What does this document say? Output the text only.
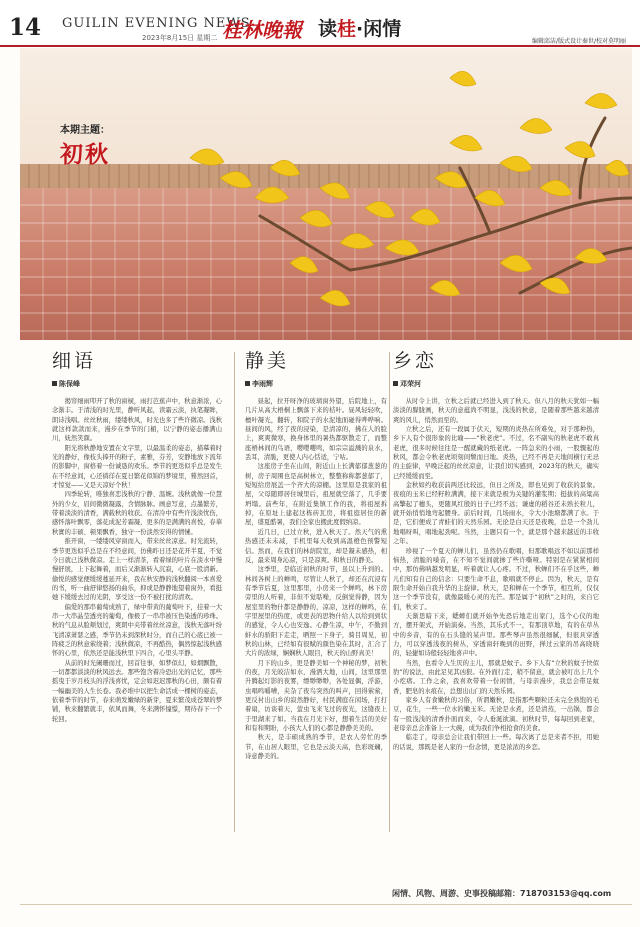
14 GUILIN EVENING NEWS
2023年8月15日 星期二 桂林晚報 读桂·闲情
编辑邱洁/版式设计秦世/校对莫明丽
本期主题：
初秋
细语
陈保峰

揭帘细雨叩开了秋的窗棂，雨打芭蕉声中，秋意渐浓，心念渐丰。于清浅的时光里，静听风起，读霜云淡，执笔凝眸，朗诗浅唱。丝丝秋雨，缕缕秋风，时光也多了些许微凉。浅秋就这样款款而来，漫步在季节的门楣，以宁静的姿态播满山川，妩然笑颜。

阳光将秋静地安置在文字里，以最温柔的姿态，描摹着时光的静好，像枝头捧开的粉子，素雅，芬芳，安静地放下流年的影脚中，窗格着一份诚恳的欢乐。季节的更迭似乎总是发生在不经意间，心还徜徉在夏日繁花似锦的梦境里，蓦然回首，才惊觉——又是天凉好个秋！

四季轮转，唯独喜恋浅秋的宁静、温婉。浅秋就像一位慧外的少女，眉间微微凝露，含情脉脉。画意写意，点墨繁芳，带着淡淡的清香，满载秋的收获。在清冷中有些许浅淡忧伤，感怀落叶飘零，落花成泥芳霜凝，更多的是满满的喜悦，春華秋實的丰硕、顿果飘香，独守一份淡然安得的情愫。

推开窗，一缕缕风穿窗而入，带来丝丝凉意。时光流转，季节更迭似乎总是在不经意间，仿佛昨日还是花开半夏，不觉今日就已浅秋微凉。走上一样清茶，看着绿的叶片在淡水中慢慢舒展，上下起舞着，而后又渐渐转入沉寂，心底一股清新。偷悦的感觉便缓缓蔓延开来，我在秋安静的浅秋翻阅一本喜爱的书，听一曲舒律悠扬的曲乐，抑或是静静地望着窗外，看挺她下缓缓去过的光阴，享受这一份不被打扰的清欢。

偏爱的那串葡萄成熟了，绿中带黄的葡萄叶下，挂着一大串一大串晶莹透亮的葡萄，像极了一串串被压色染透的珍珠。秋的气息从脸颊划过，爽朗中夹带着丝丝凉意，浅秋无落叶纷飞清凉萧瑟之感，季节仍未到深秋时分，而自己的心底已被一阵疲乏的秋意萦绕着；浅秋微凉，不再酷热，偶然惊起浅秋感怀的心里，依然还是能浅秋里下四合，心里头平静。

从前的时光阑珊而过，回首往事，如梦似幻，如烟飘散，一切都都淡淡的秋风远去。那些饱含着冷恐出光的记忆，那些摇曳于岁月枝头的浮浅喜忧，定会如迟迟那秋的心田，颇有着一幅幽美的人生长卷。我必堆中以把生命活成一棵树的姿态，依着季节的时节，春来萌发嫩绿的新芽，夏来繁茂成苍翠的梦铺，秋来翻繁就丰，依风而舞，冬来满怀憧憬，期待春下一个轮回。

静美
李雨辉

昼起，拉开呀净的玻璃窗外望，后院地上，有几片从高大梧桐上飘落下来的桔叶。昼风轻轻吹，檀叶凝光，翻转，和院子的水泥地面碰得哗哗响。昼间的风，经了夜的浸染，是清凉的，拂在人的脸上，爽爽微寒，换身体里的暑热都驱散走了，而整座梧林间的鸟语，嘤嘤嚶鸣，如宗宗溢溅的泉水，丢耳，清脆，更使人内心恬适，宁咕。

这座房子坐在山间，附近山上长满郁郁葱葱的树，房子周围也是高树林立，整整称称都葱郁了，短短给房展盖一个齐大的凉棚。这里原是我家的祖屋，父母随即居住城里后，祖屋就空落了，几乎要坍塌。前些年，在附近集镇工作的我，将祖屋拆掉，在原址上建起这栋砖瓦房，将祖庭居住的新屋，盛夏酷暑，我们全家也搬此度假纳凉。

近几日，已过立秋，进入秋天了。然天气的熏热感还未未减，手机里每天收到高温橙色预警短信。然而，在我们的林荫院室，却是凝未感热，相反，最来周身沁凉，只是凉爽。和秋日的静美。

这季里，是临近初秋的时节，虽以上升到的。林间各树上的蝉鸣，尽管让人秋了，却还在沉浸有有季节后夏，这里那里，小房来一个蝉鸣，林下房旁里的人听着，非但不觉聒噪，反倒觉得静，因为屋室里的物什都是静静的，凉凉，这样的蝉鸣，在字里屋里的热度，或更表的思物什给人以给到到状的感觉，令人心也安逸。心静生凉，中午，不勤到蚌水的骄阳下走走，晒照一下身子，骑目周见，初秋的山林，已经如有很赋的颜色染在其时，汇合了大片的浓绿，娴娴秋人眼目，秋天的山野真美！

月下的山乡，更是静美如一个神秘的梦，初秋的夜，月光皎洁如水，漫洒大地，山间，这里那里升腾起灯影的夜雾，缥缈缈缈，各处显偶，浮游，虫唱鸣嚼嘈，夹杂了夜鸟突然的叫声，回得萦萦，更反衬出山乡的寂然静好，村民满庭在闲场，打打着扇，访谈着天，萤虫飞来飞过的夜光，这缝夜上于里湖来了如。当我在月光下好，想着生活的美好和有和期盼，小孩大人们的心都是静静美美的。

秋天，是丰硕成熟的季节，是农人劳忙的季节，在山居人眼里，它也是云淡天高，色彩斑斓，诗意静美的。

乡恋
邓荣河

从时令上讲，立秋之后就已经进入到了秋天。但八月的秋天犹如一幅淡淡的朦胧画，秋天的意蕴尚不明显，浅浅的秋意，是随着那些越来越清爽的风儿，悄然而至的。

立秋之后，还有一段属于伏天，短期的炎热在所难免，对于那种热，乡下人有个很形象的比喻——“秋老虎”。不过，名不副实的秋老虎不敢真老虎，很多时候往往是一醒就藏的纸老虎。一阵急来的小雨，一股骤起的秋风，都会令秋老虎顷刻间颓而日地。炎热，已经不再是天地间横行无忌的主旋律，早晚泛起的丝丝凉意，让我们切实感到，2023年的秋天，确实已经缓缓而至。

金秋如约收获前两还比较远，但日之所及，即也见到了收获的景象。夜痕的玉米已经籽粒满满，接下来就是极为关键的灌浆期；挺拔的高粱高高擎起了穗头，更随风红殷的日子已经不远；谦虚的稻谷还未熟长粒儿，就开始悄悄地弯起腰身。前后时间，几场雨水，令大小池塘都满了水。于是，它们便成了青蛙们的天然乐园。无论是白天还是夜晚，总是一个劲儿地唱呀叫，唱地起劲呢。当然，主题只有一个，就是那个越来越近的丰收之年。

珍视了一个夏天的蝉儿们，虽然仍在歌唱，但那歌唱远不如以前那样恼热，清脆的嗓音，在不知不觉间就掺了些许嘶哑。特别是在紧紧相间中，那仿佛呐越发明显，听着就让人心疼。不过，秋蝉们不在乎这些，蝉儿们知有自己的信念：只要生命不息，歌唱就不停止。因为，秋天，是有限生命开始自我升华的主旋律。秋天，是和蝉在一个季节，相互所，仅仅这一个季节没有，就像最暖心灵的光芒。那是属于“初秋”之时的，来自它们，秋来了。

天渐思暗下来，蟋蟀们就开始争先恐后地走出家门，选个心仪的地方，摆开架式，开始演奏。当然，其乐式不一，有那顶草地，有的在草丛中的乡音，有的在石头缝的某声里。那些琴声虽然很细腻，但很具穿透力，可以穿透浅夜的树丛，穿透窗轩晚到的田野，掸过云家的吊高晓晓的，轻捷如诗般轻轻地喜声中。

当然，也看令人生厌的主儿，那就是蚊子。乡下人有“立秋的蚊子快似豹”的说法，由此足见其凶狠。在外面行走，稍不留意，就会被叮出上几个小疙瘩。工作之余，我喜欢带着一份闲情，与母亲漫步，我总会带足蚊香，肥皂的水痕在，总想出山门的天然乐园。

家乡人有食嫩秋的习俗，所谓嫩秋，是指那些颗粒还未完全熟饱的毛豆，花生，一些一位水的嫩玉米。无论是水煮，还是清蒸，一出锅，都会有一股浅浅的清香扑面而来，令人垂涎欲滴。初秋时节，每每回到老家，老母亲总会准备上一大碗，成为我们争相抢食的美食。

临走了，母亲总会让我们带回上一些。每次离了总是来者不拒，用她的话说，那既是老人家的一份念情，更是浓浓的乡恋。

闲情、风物、周游、史事投稿邮箱：718703153@qq.com
